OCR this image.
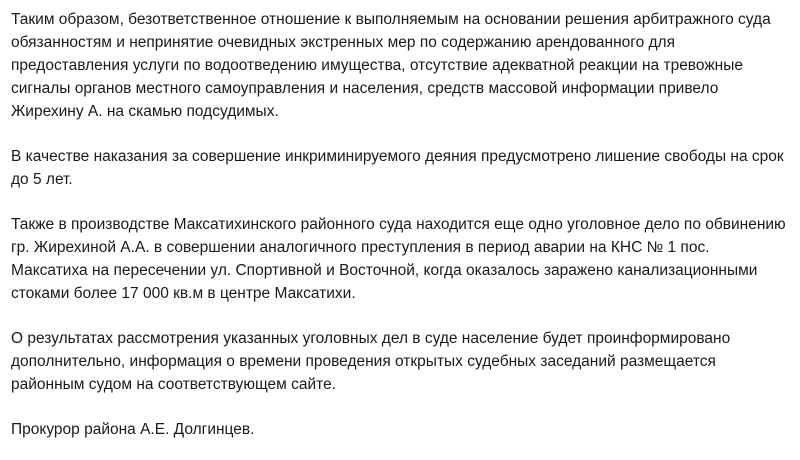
Таким образом, безответственное отношение к выполняемым на основании решения арбитражного суда обязанностям и непринятие очевидных экстренных мер по содержанию арендованного для предоставления услуги по водоотведению имущества, отсутствие адекватной реакции на тревожные сигналы органов местного самоуправления и населения, средств массовой информации привело Жирехину А. на скамью подсудимых.

В качестве наказания за совершение инкриминируемого деяния предусмотрено лишение свободы на срок до 5 лет.

Также в производстве Максатихинского районного суда находится еще одно уголовное дело по обвинению гр. Жирехиной А.А. в совершении аналогичного преступления в период аварии на КНС № 1 пос. Максатиха на пересечении ул. Спортивной и Восточной, когда оказалось заражено канализационными стоками более 17 000 кв.м в центре Максатихи.

О результатах рассмотрения указанных уголовных дел в суде население будет проинформировано дополнительно, информация о времени проведения открытых судебных заседаний размещается районным судом на соответствующем сайте.

Прокурор района А.Е. Долгинцев.
